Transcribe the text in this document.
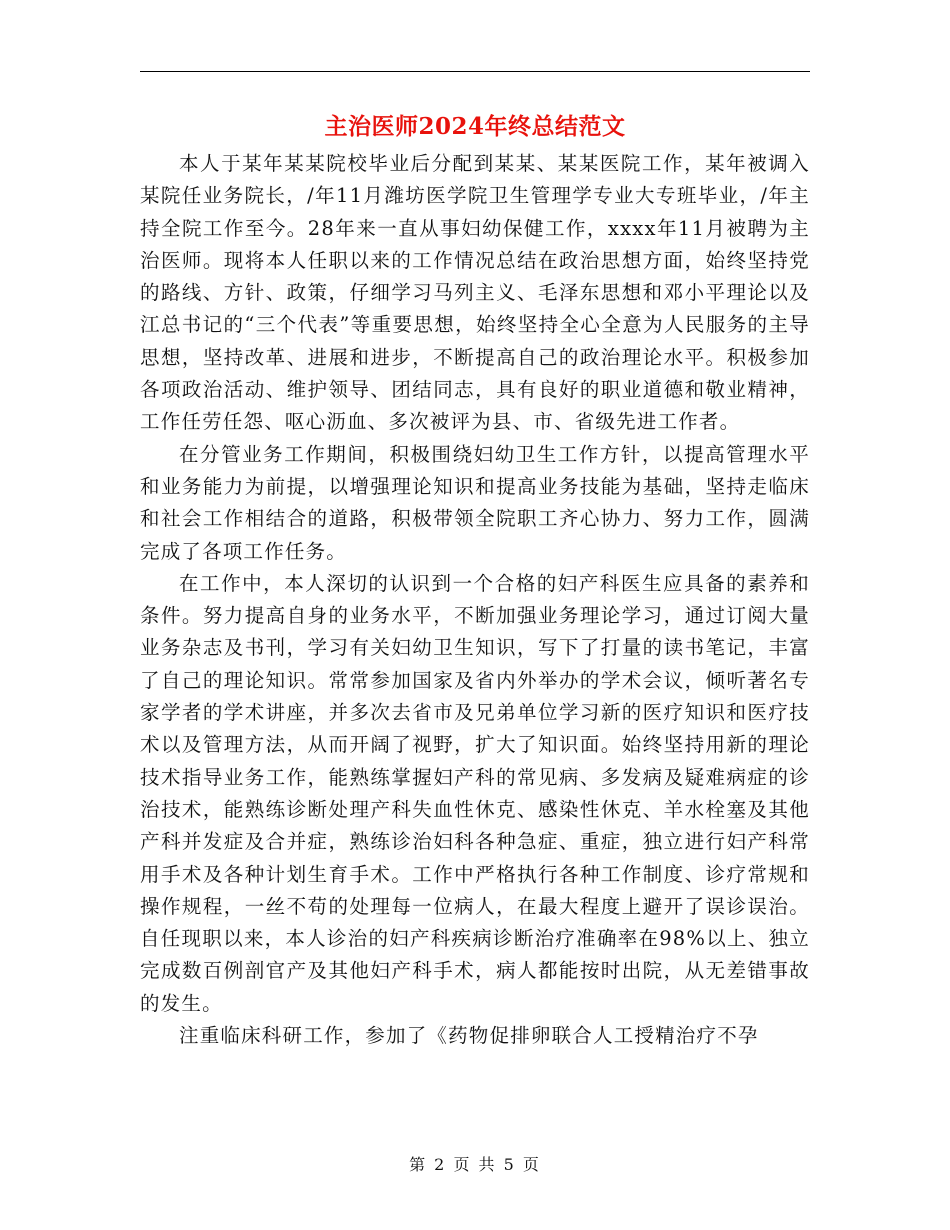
主治医师2024年终总结范文

本人于某年某某院校毕业后分配到某某、某某医院工作，某年被调入某院任业务院长，/年11月潍坊医学院卫生管理学专业大专班毕业，/年主持全院工作至今。28年来一直从事妇幼保健工作，xxxx年11月被聘为主治医师。现将本人任职以来的工作情况总结在政治思想方面，始终坚持党的路线、方针、政策，仔细学习马列主义、毛泽东思想和邓小平理论以及江总书记的“三个代表”等重要思想，始终坚持全心全意为人民服务的主导思想，坚持改革、进展和进步，不断提高自己的政治理论水平。积极参加各项政治活动、维护领导、团结同志，具有良好的职业道德和敬业精神，工作任劳任怨、呕心沥血、多次被评为县、市、省级先进工作者。

在分管业务工作期间，积极围绕妇幼卫生工作方针，以提高管理水平和业务能力为前提，以增强理论知识和提高业务技能为基础，坚持走临床和社会工作相结合的道路，积极带领全院职工齐心协力、努力工作，圆满完成了各项工作任务。

在工作中，本人深切的认识到一个合格的妇产科医生应具备的素养和条件。努力提高自身的业务水平，不断加强业务理论学习，通过订阅大量业务杂志及书刊，学习有关妇幼卫生知识，写下了打量的读书笔记，丰富了自己的理论知识。常常参加国家及省内外举办的学术会议，倾听著名专家学者的学术讲座，并多次去省市及兄弟单位学习新的医疗知识和医疗技术以及管理方法，从而开阔了视野，扩大了知识面。始终坚持用新的理论技术指导业务工作，能熟练掌握妇产科的常见病、多发病及疑难病症的诊治技术，能熟练诊断处理产科失血性休克、感染性休克、羊水栓塞及其他产科并发症及合并症，熟练诊治妇科各种急症、重症，独立进行妇产科常用手术及各种计划生育手术。工作中严格执行各种工作制度、诊疗常规和操作规程，一丝不苟的处理每一位病人，在最大程度上避开了误诊误治。自任现职以来，本人诊治的妇产科疾病诊断治疗准确率在98%以上、独立完成数百例剖官产及其他妇产科手术，病人都能按时出院，从无差错事故的发生。

注重临床科研工作，参加了《药物促排卵联合人工授精治疗不孕

第 2 页 共 5 页
